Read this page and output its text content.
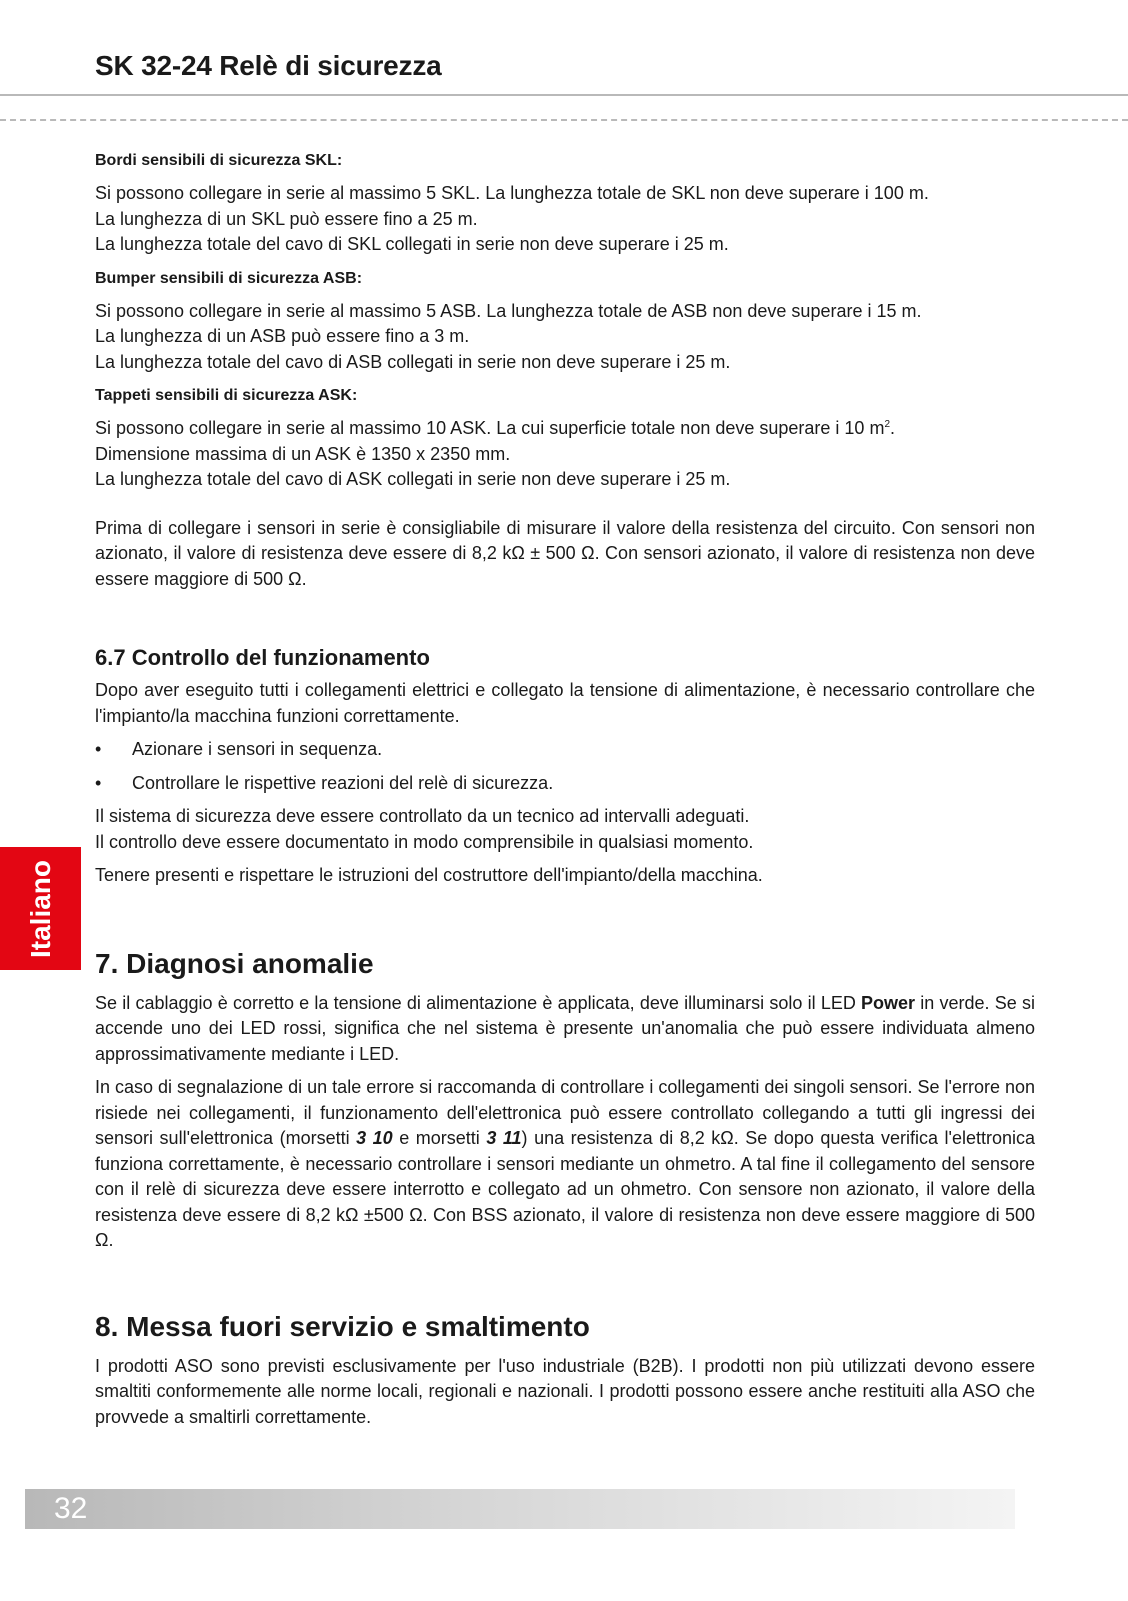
SK 32-24 Relè di sicurezza

Bordi sensibili di sicurezza SKL:

Si possono collegare in serie al massimo 5 SKL. La lunghezza totale de SKL non deve superare i 100 m.

La lunghezza di un SKL può essere fino a 25 m.

La lunghezza totale del cavo di SKL collegati in serie non deve superare i 25 m.

Bumper sensibili di sicurezza ASB:

Si possono collegare in serie al massimo 5 ASB. La lunghezza totale de ASB non deve superare i 15 m.

La lunghezza di un ASB può essere fino a 3 m.

La lunghezza totale del cavo di ASB collegati in serie non deve superare i 25 m.

Tappeti sensibili di sicurezza ASK:

Si possono collegare in serie al massimo 10 ASK. La cui superficie totale non deve superare i 10 $m^2$.

Dimensione massima di un ASK è 1350 x 2350 mm.

La lunghezza totale del cavo di ASK collegati in serie non deve superare i 25 m.

Prima di collegare i sensori in serie è consigliabile di misurare il valore della resistenza del circuito. Con sensori non azionato, il valore di resistenza deve essere di 8,2 kΩ ± 500 Ω. Con sensori azionato, il valore di resistenza non deve essere maggiore di 500 Ω.

6.7 Controllo del funzionamento

Dopo aver eseguito tutti i collegamenti elettrici e collegato la tensione di alimentazione, è necessario controllare che l'impianto/la macchina funzioni correttamente.

• Azionare i sensori in sequenza.
• Controllare le rispettive reazioni del relè di sicurezza.

Il sistema di sicurezza deve essere controllato da un tecnico ad intervalli adeguati.

Il controllo deve essere documentato in modo comprensibile in qualsiasi momento.

Tenere presenti e rispettare le istruzioni del costruttore dell'impianto/della macchina.

7. Diagnosi anomalie

Se il cablaggio è corretto e la tensione di alimentazione è applicata, deve illuminarsi solo il LED Power in verde. Se si accende uno dei LED rossi, significa che nel sistema è presente un'anomalia che può essere individuata almeno approssimativamente mediante i LED.

In caso di segnalazione di un tale errore si raccomanda di controllare i collegamenti dei singoli sensori. Se l'errore non risiede nei collegamenti, il funzionamento dell'elettronica può essere controllato collegando a tutti gli ingressi dei sensori sull'elettronica (morsetti 3 10 e morsetti 3 11) una resistenza di 8,2 kΩ. Se dopo questa verifica l'elettronica funziona correttamente, è necessario controllare i sensori mediante un ohmetro. A tal fine il collegamento del sensore con il relè di sicurezza deve essere interrotto e collegato ad un ohmetro. Con sensore non azionato, il valore della resistenza deve essere di 8,2 kΩ ±500 Ω. Con BSS azionato, il valore di resistenza non deve essere maggiore di 500 Ω.

8. Messa fuori servizio e smaltimento

I prodotti ASO sono previsti esclusivamente per l'uso industriale (B2B). I prodotti non più utilizzati devono essere smaltiti conformemente alle norme locali, regionali e nazionali. I prodotti possono essere anche restituiti alla ASO che provvede a smaltirli correttamente.

Italiano
32
